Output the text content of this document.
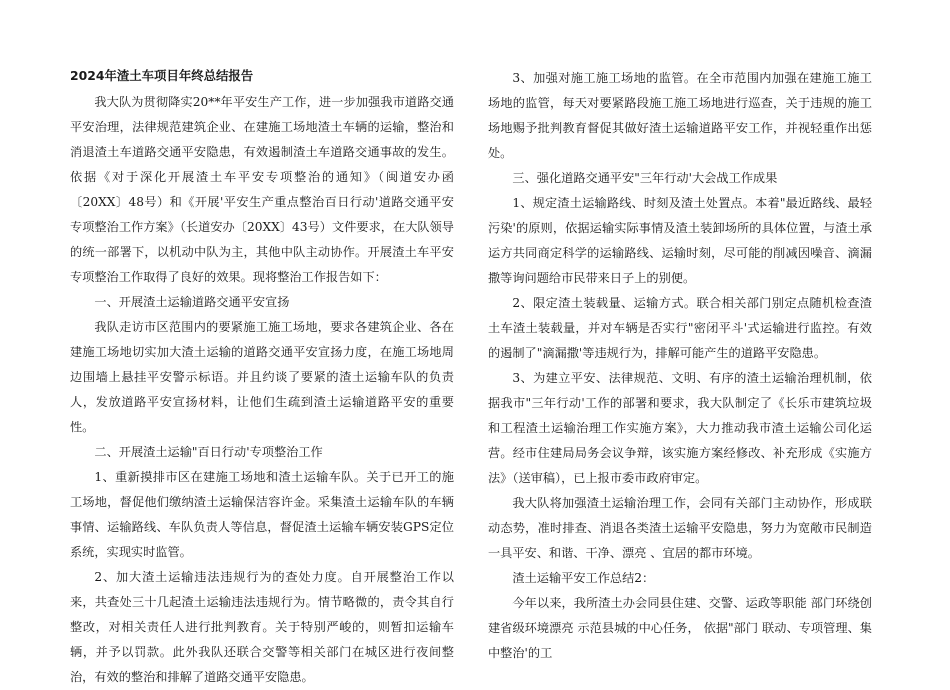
2024年渣土车项目年终总结报告

我大队为贯彻降实20**年平安生产工作，进一步加强我市道路交通平安治理，法律规范建筑企业、在建施工场地渣土车辆的运输，整治和消退渣土车道路交通平安隐患，有效遏制渣土车道路交通事故的发生。依据《对于深化开展渣土车平安专项整治的通知》（闽道安办函〔20XX〕48号）和《开展'平安生产重点整治百日行动'道路交通平安专项整治工作方案》（长道安办〔20XX〕43号）文件要求，在大队领导的统一部署下，以机动中队为主，其他中队主动协作。开展渣土车平安专项整治工作取得了良好的效果。现将整治工作报告如下：

一、开展渣土运输道路交通平安宣扬

我队走访市区范围内的要紧施工施工场地，要求各建筑企业、各在建施工场地切实加大渣土运输的道路交通平安宣扬力度，在施工场地周边围墙上悬挂平安警示标语。并且约谈了要紧的渣土运输车队的负责人，发放道路平安宣扬材料，让他们生疏到渣土运输道路平安的重要性。

二、开展渣土运输"百日行动'专项整治工作

1、重新摸排市区在建施工场地和渣土运输车队。关于已开工的施工场地，督促他们缴纳渣土运输保洁容许金。采集渣土运输车队的车辆事情、运输路线、车队负责人等信息，督促渣土运输车辆安装GPS定位系统，实现实时监管。

2、加大渣土运输违法违规行为的查处力度。自开展整治工作以来，共查处三十几起渣土运输违法违规行为。情节略微的，责令其自行整改，对相关责任人进行批判教育。关于特别严峻的，则暂扣运输车辆，并予以罚款。此外我队还联合交警等相关部门在城区进行夜间整治，有效的整治和排解了道路交通平安隐患。

3、加强对施工施工场地的监管。在全市范围内加强在建施工施工场地的监管，每天对要紧路段施工施工场地进行巡查，关于违规的施工场地赐予批判教育督促其做好渣土运输道路平安工作，并视轻重作出惩处。

三、强化道路交通平安"三年行动'大会战工作成果

1、规定渣土运输路线、时刻及渣土处置点。本着"最近路线、最轻污染'的原则，依据运输实际事情及渣土装卸场所的具体位置，与渣土承运方共同商定科学的运输路线、运输时刻，尽可能的削减因噪音、滴漏撒等询问题给市民带来日子上的别便。

2、限定渣土装载量、运输方式。联合相关部门别定点随机检查渣土车渣土装载量，并对车辆是否实行"密闭平斗'式运输进行监控。有效的遏制了"滴漏撒'等违规行为，排解可能产生的道路平安隐患。

3、为建立平安、法律规范、文明、有序的渣土运输治理机制，依据我市"三年行动'工作的部署和要求，我大队制定了《长乐市建筑垃圾和工程渣土运输治理工作实施方案》，大力推动我市渣土运输公司化运营。经市住建局局务会议争辩，该实施方案经修改、补充形成《实施方法》（送审稿），已上报市委市政府审定。

我大队将加强渣土运输治理工作，会同有关部门主动协作，形成联动态势，准时排查、消退各类渣土运输平安隐患，努力为宽敞市民制造一具平安、和谐、干净、漂亮 、宜居的都市环境。

渣土运输平安工作总结2：

今年以来，我所渣土办会同县住建、交警、运政等职能 部门环绕创建省级环境漂亮 示范县城的中心任务， 依据"部门 联动、专项管理、集中整治'的工
